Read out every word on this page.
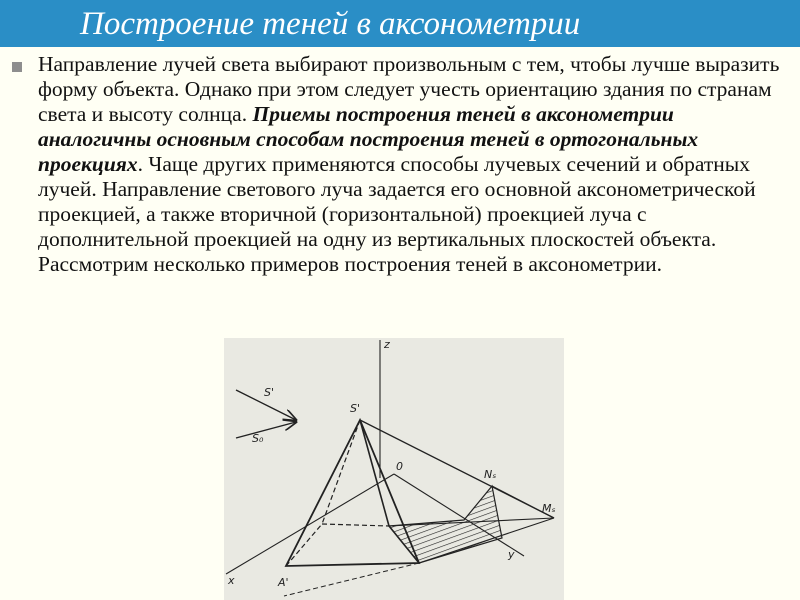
Построение теней в аксонометрии

Направление лучей света выбирают произвольным с тем, чтобы лучше выразить форму объекта. Однако при этом следует учесть ориентацию здания по странам света и высоту солнца. Приемы построения теней в аксонометрии аналогичны основным способам построения теней в ортогональных проекциях. Чаще других применяются способы лучевых сечений и обратных лучей. Направление светового луча задается его основной аксонометрической проекцией, а также вторичной (горизонтальной) проекцией луча с дополнительной проекцией на одну из вертикальных плоскостей объекта. Рассмотрим несколько примеров построения теней в аксонометрии.

z
x
y
0
S'
S'
S₀
Nₛ
Mₛ
A'
